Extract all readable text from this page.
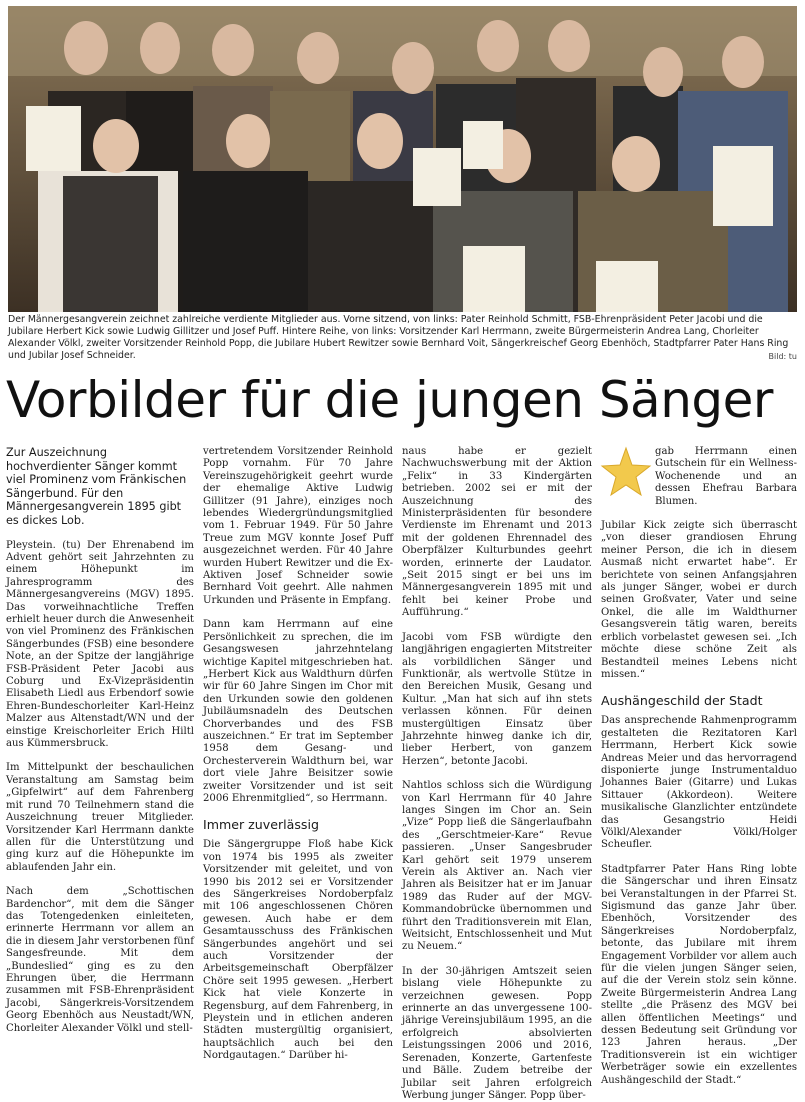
Der Männergesangverein zeichnet zahlreiche verdiente Mitglieder aus. Vorne sitzend, von links: Pater Reinhold Schmitt, FSB-Ehrenpräsident Peter Jacobi und die Jubilare Herbert Kick sowie Ludwig Gillitzer und Josef Puff. Hintere Reihe, von links: Vorsitzender Karl Herrmann, zweite Bürgermeisterin Andrea Lang, Chorleiter Alexander Völkl, zweiter Vorsitzender Reinhold Popp, die Jubilare Hubert Rewitzer sowie Bernhard Voit, Sängerkreischef Georg Ebenhöch, Stadtpfarrer Pater Hans Ring und Jubilar Josef Schneider.	Bild: tu
Vorbilder für die jungen Sänger

Zur Auszeichnung hochverdienter Sänger kommt viel Prominenz vom Fränkischen Sängerbund. Für den Männergesangverein 1895 gibt es dickes Lob.

Pleystein. (tu) Der Ehrenabend im Advent gehört seit Jahrzehnten zu einem Höhepunkt im Jahresprogramm des Männergesangvereins (MGV) 1895. Das vorweihnachtliche Treffen erhielt heuer durch die Anwesenheit von viel Prominenz des Fränkischen Sängerbundes (FSB) eine besondere Note, an der Spitze der langjährige FSB-Präsident Peter Jacobi aus Coburg und Ex-Vizepräsidentin Elisabeth Liedl aus Erbendorf sowie Ehren-Bundeschorleiter Karl-Heinz Malzer aus Altenstadt/WN und der einstige Kreischorleiter Erich Hiltl aus Kümmersbruck.

Im Mittelpunkt der beschaulichen Veranstaltung am Samstag beim „Gipfelwirt“ auf dem Fahrenberg mit rund 70 Teilnehmern stand die Auszeichnung treuer Mitglieder. Vorsitzender Karl Herrmann dankte allen für die Unterstützung und ging kurz auf die Höhepunkte im ablaufenden Jahr ein.

Nach dem „Schottischen Bardenchor“, mit dem die Sänger das Totengedenken einleiteten, erinnerte Herrmann vor allem an die in diesem Jahr verstorbenen fünf Sangesfreunde. Mit dem „Bundeslied“ ging es zu den Ehrungen über, die Herrmann zusammen mit FSB-Ehrenpräsident Jacobi, Sängerkreis-Vorsitzendem Georg Ebenhöch aus Neustadt/WN, Chorleiter Alexander Völkl und stell-

vertretendem Vorsitzender Reinhold Popp vornahm. Für 70 Jahre Vereinszugehörigkeit geehrt wurde der ehemalige Aktive Ludwig Gillitzer (91 Jahre), einziges noch lebendes Wiedergründungsmitglied vom 1. Februar 1949. Für 50 Jahre Treue zum MGV konnte Josef Puff ausgezeichnet werden. Für 40 Jahre wurden Hubert Rewitzer und die Ex-Aktiven Josef Schneider sowie Bernhard Voit geehrt. Alle nahmen Urkunden und Präsente in Empfang.

Dann kam Herrmann auf eine Persönlichkeit zu sprechen, die im Gesangswesen jahrzehntelang wichtige Kapitel mitgeschrieben hat. „Herbert Kick aus Waldthurn dürfen wir für 60 Jahre Singen im Chor mit den Urkunden sowie den goldenen Jubiläumsnadeln des Deutschen Chorverbandes und des FSB auszeichnen.“ Er trat im September 1958 dem Gesang- und Orchesterverein Waldthurn bei, war dort viele Jahre Beisitzer sowie zweiter Vorsitzender und ist seit 2006 Ehrenmitglied“, so Herrmann.

Immer zuverlässig

Die Sängergruppe Floß habe Kick von 1974 bis 1995 als zweiter Vorsitzender mit geleitet, und von 1990 bis 2012 sei er Vorsitzender des Sängerkreises Nordoberpfalz mit 106 angeschlossenen Chören gewesen. Auch habe er dem Gesamtausschuss des Fränkischen Sängerbundes angehört und sei auch Vorsitzender der Arbeitsgemeinschaft Oberpfälzer Chöre seit 1995 gewesen. „Herbert Kick hat viele Konzerte in Regensburg, auf dem Fahrenberg, in Pleystein und in etlichen anderen Städten mustergültig organisiert, hauptsächlich auch bei den Nordgautagen.“ Darüber hi-

naus habe er gezielt Nachwuchswerbung mit der Aktion „Felix“ in 33 Kindergärten betrieben. 2002 sei er mit der Auszeichnung des Ministerpräsidenten für besondere Verdienste im Ehrenamt und 2013 mit der goldenen Ehrennadel des Oberpfälzer Kulturbundes geehrt worden, erinnerte der Laudator. „Seit 2015 singt er bei uns im Männergesangverein 1895 mit und fehlt bei keiner Probe und Aufführung.“

Jacobi vom FSB würdigte den langjährigen engagierten Mitstreiter als vorbildlichen Sänger und Funktionär, als wertvolle Stütze in den Bereichen Musik, Gesang und Kultur. „Man hat sich auf ihn stets verlassen können. Für deinen mustergültigen Einsatz über Jahrzehnte hinweg danke ich dir, lieber Herbert, von ganzem Herzen“, betonte Jacobi.

Nahtlos schloss sich die Würdigung von Karl Herrmann für 40 Jahre langes Singen im Chor an. Sein „Vize“ Popp ließ die Sängerlaufbahn des „Gerschtmeier-Kare“ Revue passieren. „Unser Sangesbruder Karl gehört seit 1979 unserem Verein als Aktiver an. Nach vier Jahren als Beisitzer hat er im Januar 1989 das Ruder auf der MGV-Kommandobrücke übernommen und führt den Traditionsverein mit Elan, Weitsicht, Entschlossenheit und Mut zu Neuem.“

In der 30-jährigen Amtszeit seien bislang viele Höhepunkte zu verzeichnen gewesen. Popp erinnerte an das unvergessene 100-jährige Vereinsjubiläum 1995, an die erfolgreich absolvierten Leistungssingen 2006 und 2016, Serenaden, Konzerte, Gartenfeste und Bälle. Zudem betreibe der Jubilar seit Jahren erfolgreich Werbung junger Sänger. Popp über-

gab Herrmann einen Gutschein für ein Wellness-Wochenende und an dessen Ehefrau Barbara Blumen.

Jubilar Kick zeigte sich überrascht „von dieser grandiosen Ehrung meiner Person, die ich in diesem Ausmaß nicht erwartet habe“. Er berichtete von seinen Anfangsjahren als junger Sänger, wobei er durch seinen Großvater, Vater und seine Onkel, die alle im Waldthurner Gesangsverein tätig waren, bereits erblich vorbelastet gewesen sei. „Ich möchte diese schöne Zeit als Bestandteil meines Lebens nicht missen.“

Aushängeschild der Stadt

Das ansprechende Rahmenprogramm gestalteten die Rezitatoren Karl Herrmann, Herbert Kick sowie Andreas Meier und das hervorragend disponierte junge Instrumentalduo Johannes Baier (Gitarre) und Lukas Sittauer (Akkordeon). Weitere musikalische Glanzlichter entzündete das Gesangstrio Heidi Völkl/Alexander Völkl/Holger Scheufler.

Stadtpfarrer Pater Hans Ring lobte die Sängerschar und ihren Einsatz bei Veranstaltungen in der Pfarrei St. Sigismund das ganze Jahr über. Ebenhöch, Vorsitzender des Sängerkreises Nordoberpfalz, betonte, das Jubilare mit ihrem Engagement Vorbilder vor allem auch für die vielen jungen Sänger seien, auf die der Verein stolz sein könne. Zweite Bürgermeisterin Andrea Lang stellte „die Präsenz des MGV bei allen öffentlichen Meetings“ und dessen Bedeutung seit Gründung vor 123 Jahren heraus. „Der Traditionsverein ist ein wichtiger Werbeträger sowie ein exzellentes Aushängeschild der Stadt.“
